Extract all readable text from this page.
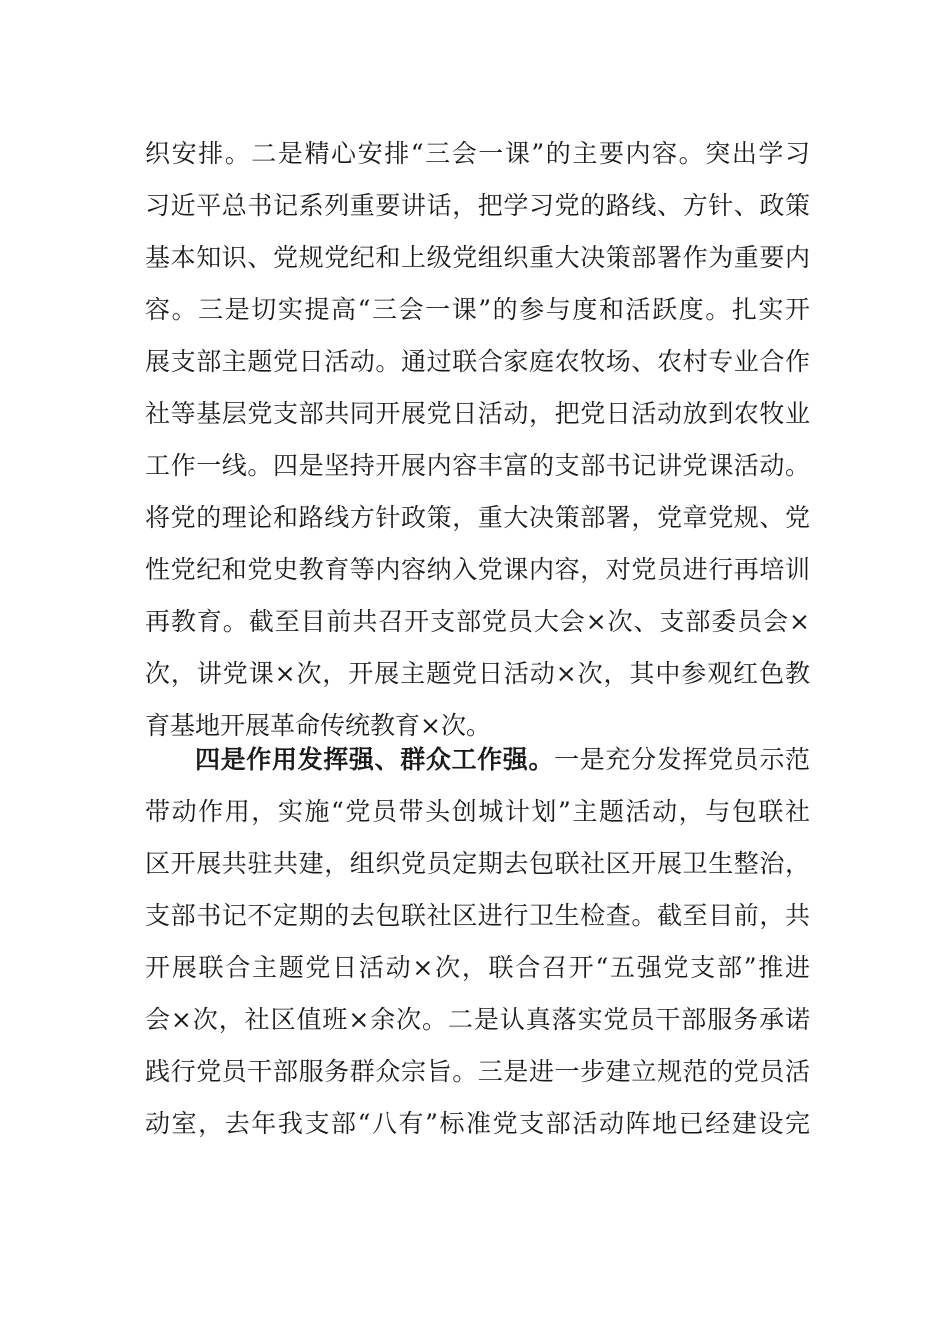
织安排。二是精心安排“三会一课”的主要内容。突出学习
习近平总书记系列重要讲话，把学习党的路线、方针、政策
基本知识、党规党纪和上级党组织重大决策部署作为重要内
容。三是切实提高“三会一课”的参与度和活跃度。扎实开
展支部主题党日活动。通过联合家庭农牧场、农村专业合作
社等基层党支部共同开展党日活动，把党日活动放到农牧业
工作一线。四是坚持开展内容丰富的支部书记讲党课活动。
将党的理论和路线方针政策，重大决策部署，党章党规、党
性党纪和党史教育等内容纳入党课内容，对党员进行再培训
再教育。截至目前共召开支部党员大会×次、支部委员会×
次，讲党课×次，开展主题党日活动×次，其中参观红色教
育基地开展革命传统教育×次。
四是作用发挥强、群众工作强。一是充分发挥党员示范
带动作用，实施“党员带头创城计划”主题活动，与包联社
区开展共驻共建，组织党员定期去包联社区开展卫生整治，
支部书记不定期的去包联社区进行卫生检查。截至目前，共
开展联合主题党日活动×次，联合召开“五强党支部”推进
会×次，社区值班×余次。二是认真落实党员干部服务承诺
践行党员干部服务群众宗旨。三是进一步建立规范的党员活
动室，去年我支部“八有”标准党支部活动阵地已经建设完
